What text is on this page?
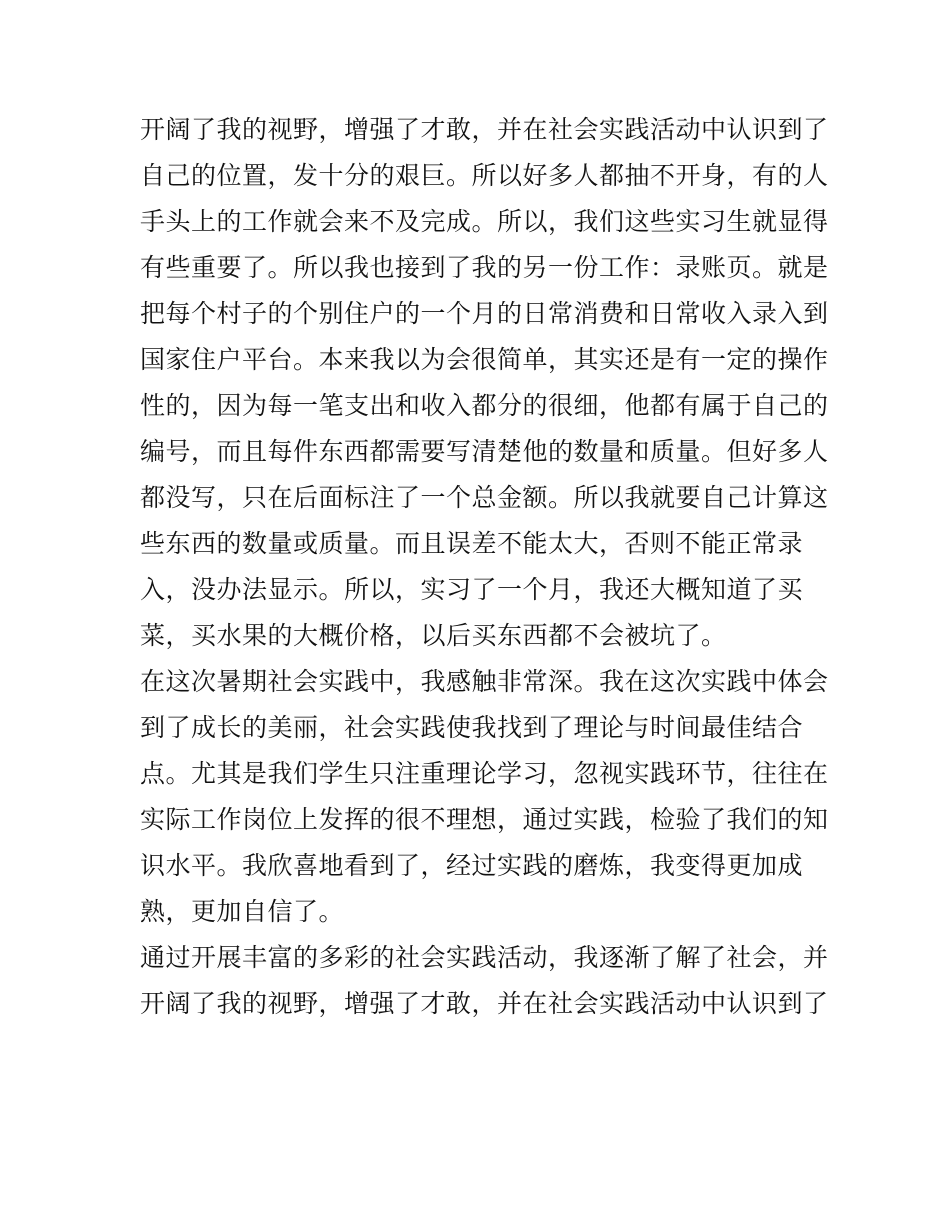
开阔了我的视野，增强了才敢，并在社会实践活动中认识到了
自己的位置，发十分的艰巨。所以好多人都抽不开身，有的人
手头上的工作就会来不及完成。所以，我们这些实习生就显得
有些重要了。所以我也接到了我的另一份工作：录账页。就是
把每个村子的个别住户的一个月的日常消费和日常收入录入到
国家住户平台。本来我以为会很简单，其实还是有一定的操作
性的，因为每一笔支出和收入都分的很细，他都有属于自己的
编号，而且每件东西都需要写清楚他的数量和质量。但好多人
都没写，只在后面标注了一个总金额。所以我就要自己计算这
些东西的数量或质量。而且误差不能太大，否则不能正常录
入，没办法显示。所以，实习了一个月，我还大概知道了买
菜，买水果的大概价格，以后买东西都不会被坑了。
在这次暑期社会实践中，我感触非常深。我在这次实践中体会
到了成长的美丽，社会实践使我找到了理论与时间最佳结合
点。尤其是我们学生只注重理论学习，忽视实践环节，往往在
实际工作岗位上发挥的很不理想，通过实践，检验了我们的知
识水平。我欣喜地看到了，经过实践的磨炼，我变得更加成
熟，更加自信了。
通过开展丰富的多彩的社会实践活动，我逐渐了解了社会，并
开阔了我的视野，增强了才敢，并在社会实践活动中认识到了
